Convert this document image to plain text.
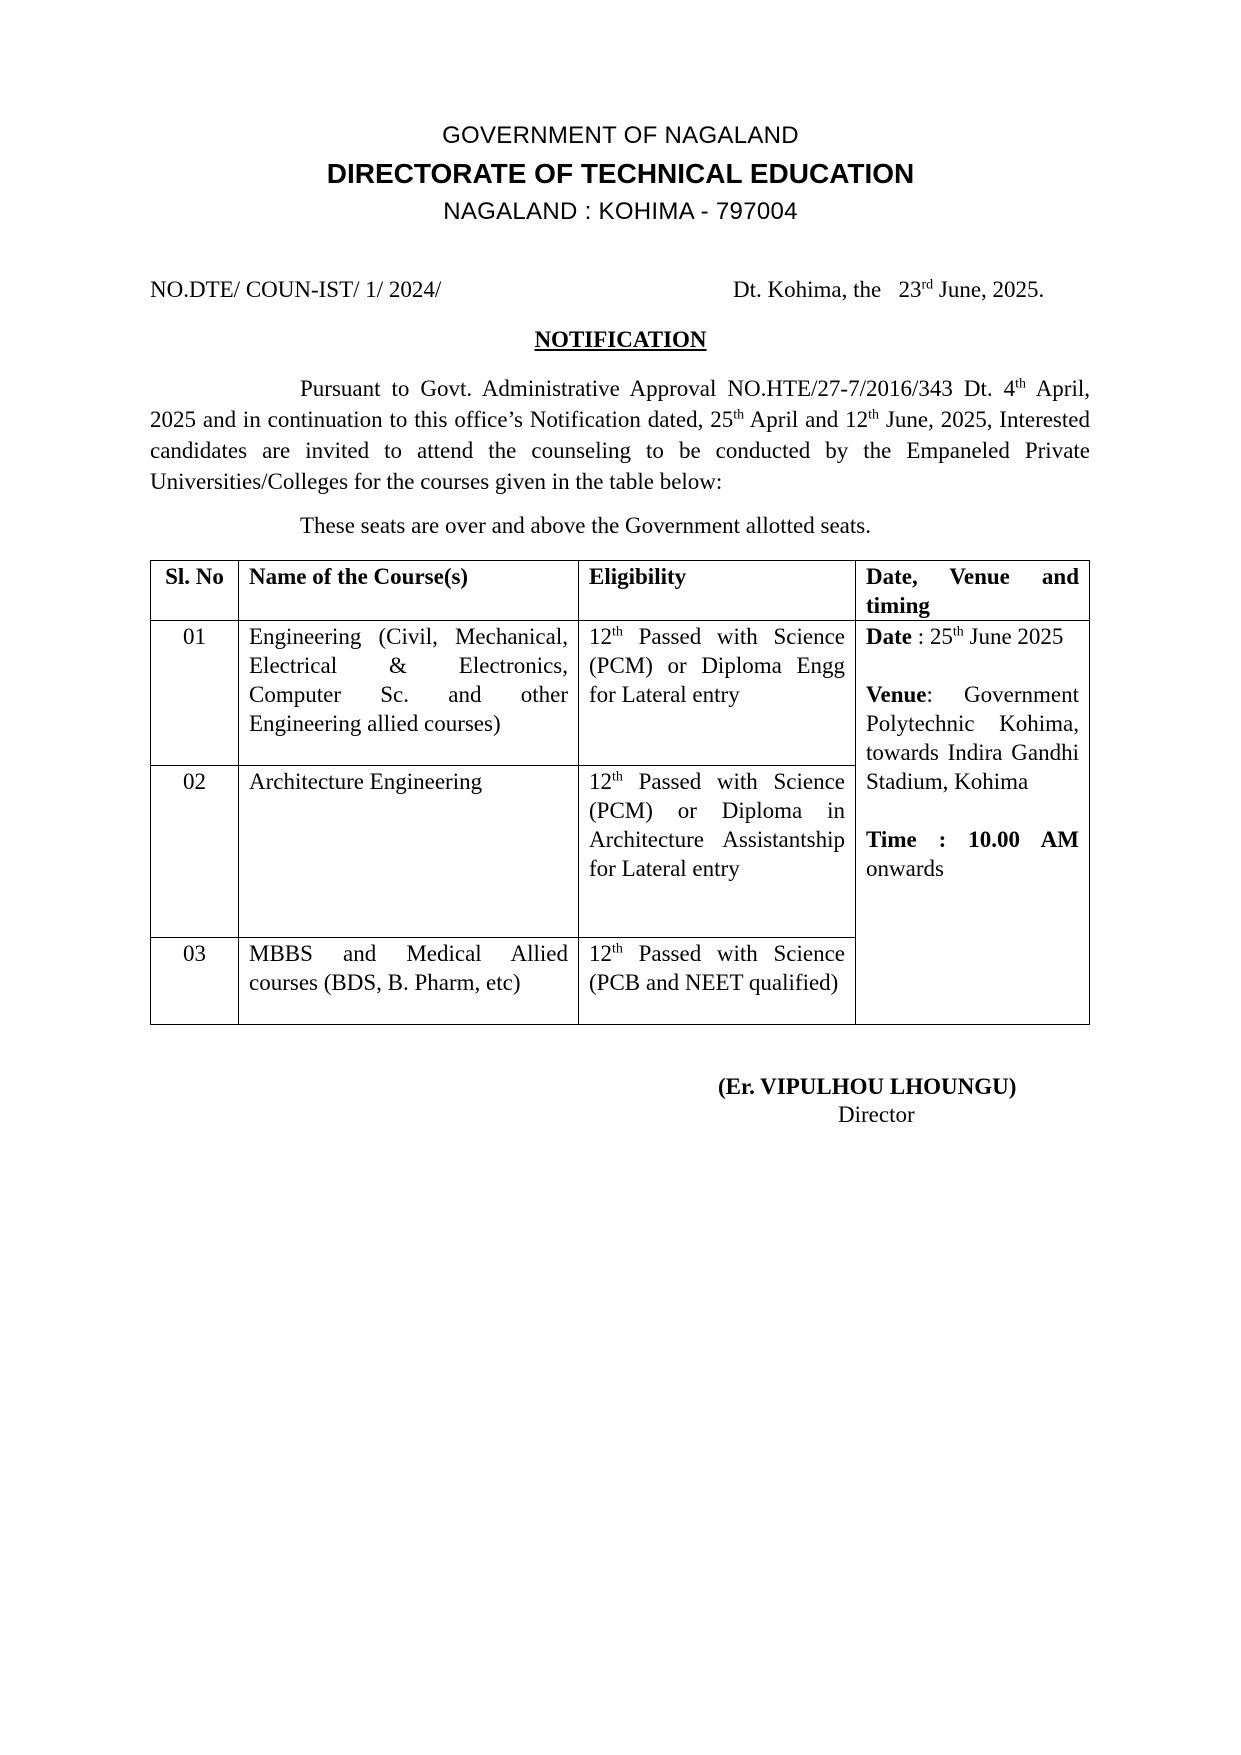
GOVERNMENT OF NAGALAND
DIRECTORATE OF TECHNICAL EDUCATION
NAGALAND : KOHIMA - 797004
NO.DTE/ COUN-IST/ 1/ 2024/	Dt. Kohima, the   23rd June, 2025.
NOTIFICATION

Pursuant to Govt. Administrative Approval NO.HTE/27-7/2016/343 Dt. 4th April, 2025 and in continuation to this office’s Notification dated, 25th April and 12th June, 2025, Interested candidates are invited to attend the counseling to be conducted by the Empaneled Private Universities/Colleges for the courses given in the table below:

These seats are over and above the Government allotted seats.
Sl. No	Name of the Course(s)	Eligibility	Date, Venue and timing
01	Engineering (Civil, Mechanical, Electrical & Electronics, Computer Sc. and other Engineering allied courses)	12th Passed with Science (PCM) or Diploma Engg for Lateral entry	Date : 25th June 2025
Venue: Government Polytechnic Kohima, towards Indira Gandhi Stadium, Kohima
Time : 10.00 AM
onwards

02	Architecture Engineering	12th Passed with Science (PCM) or Diploma in Architecture Assistantship for Lateral entry	
03	MBBS and Medical Allied courses (BDS, B. Pharm, etc)	12th Passed with Science (PCB and NEET qualified)	
(Er. VIPULHOU LHOUNGU)
Director
